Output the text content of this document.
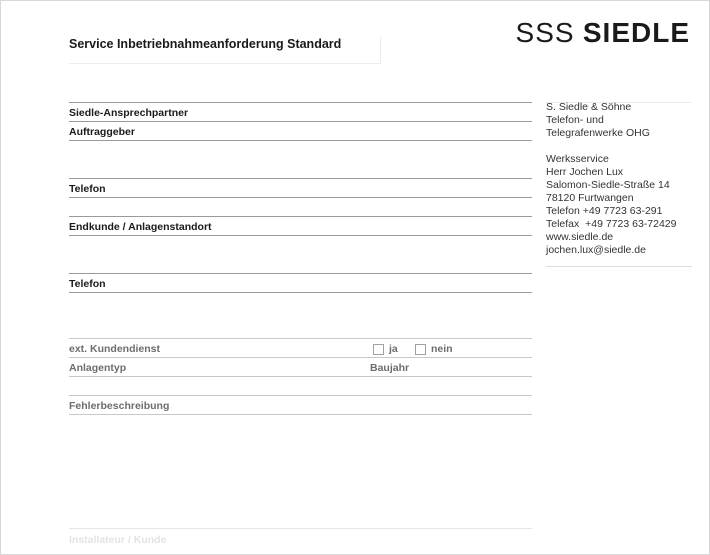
Service Inbetriebnahmeanforderung Standard	SSS SIEDLE
Siedle-Ansprechpartner
Auftraggeber
Telefon
Endkunde / Anlagenstandort
Telefon
ext. Kundendienst	ja	nein
Anlagentyp	Baujahr
Fehlerbeschreibung
Installateur / Kunde
S. Siedle & Söhne
Telefon- und
Telegrafenwerke OHG
Werksservice
Herr Jochen Lux
Salomon-Siedle-Straße 14
78120 Furtwangen
Telefon +49 7723 63-291
Telefax  +49 7723 63-72429
www.siedle.de
jochen.lux@siedle.de
